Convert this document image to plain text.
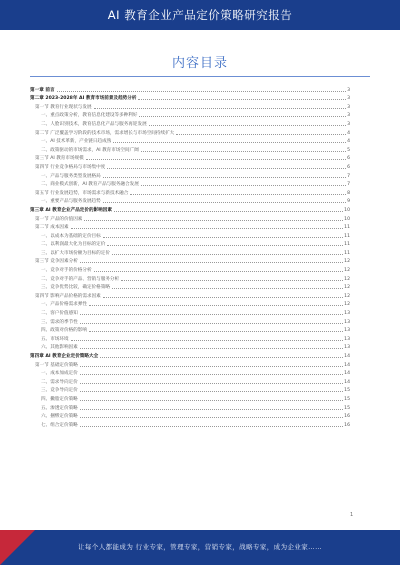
AI 教育企业产品定价策略研究报告
内容目录
第一章 前言	3
第二章 2023-2028年 AI 教育市场前景及趋势分析	3
第一节 教育行业现状与发展	3
一、重点政策分析，教育信息化建设等多种利好	3
二、人脸识别技术，教育信息化产品与服务再迎发展	3
第二节 广泛覆盖学习阶段的技术市场，需求增长与市场空间持续扩大	4
一、AI 技术革新，产业链日趋成熟	4
二、政策驱动的市场需求，AI 教育市场空间广阔	5
第三节 AI 教育市场规模	6
第四节 行业竞争格局与市场集中度	6
一、产品与服务类型发展格局	7
二、商业模式创新，AI 教育产品与服务融合发展	7
第五节 行业发展趋势，市场需求与新技术融合	8
一、重要产品与服务发展趋势	9
第三章 AI 教育企业产品定价的影响因素	10
第一节 产品的价值因素	10
第二节 成本因素	11
一、以成本为基础的定价目标	11
二、以利润最大化为目标的定价	11
三、以扩大市场份额为目标的定价	11
第三节 竞争因素分析	12
一、竞争对手的价格分析	12
二、竞争对手的产品、营销与服务分析	12
三、竞争优势比较，确定价格策略	12
第四节 影响产品价格的需求因素	12
一、产品价格需求弹性	12
二、客户价值感知	13
三、需求的季节性	13
四、政策对价格的影响	13
五、市场环境	13
六、其他影响因素	13
第四章 AI 教育企业定价策略大全	14
第一节 基础定价策略	14
一、成本加成定价	14
二、需求导向定价	14
三、竞争导向定价	15
四、撇脂定价策略	15
五、渗透定价策略	15
六、捆绑定价策略	16
七、组合定价策略	16
1
让每个人都能成为 行业专家，管理专家，营销专家，战略专家，成为企业家……
